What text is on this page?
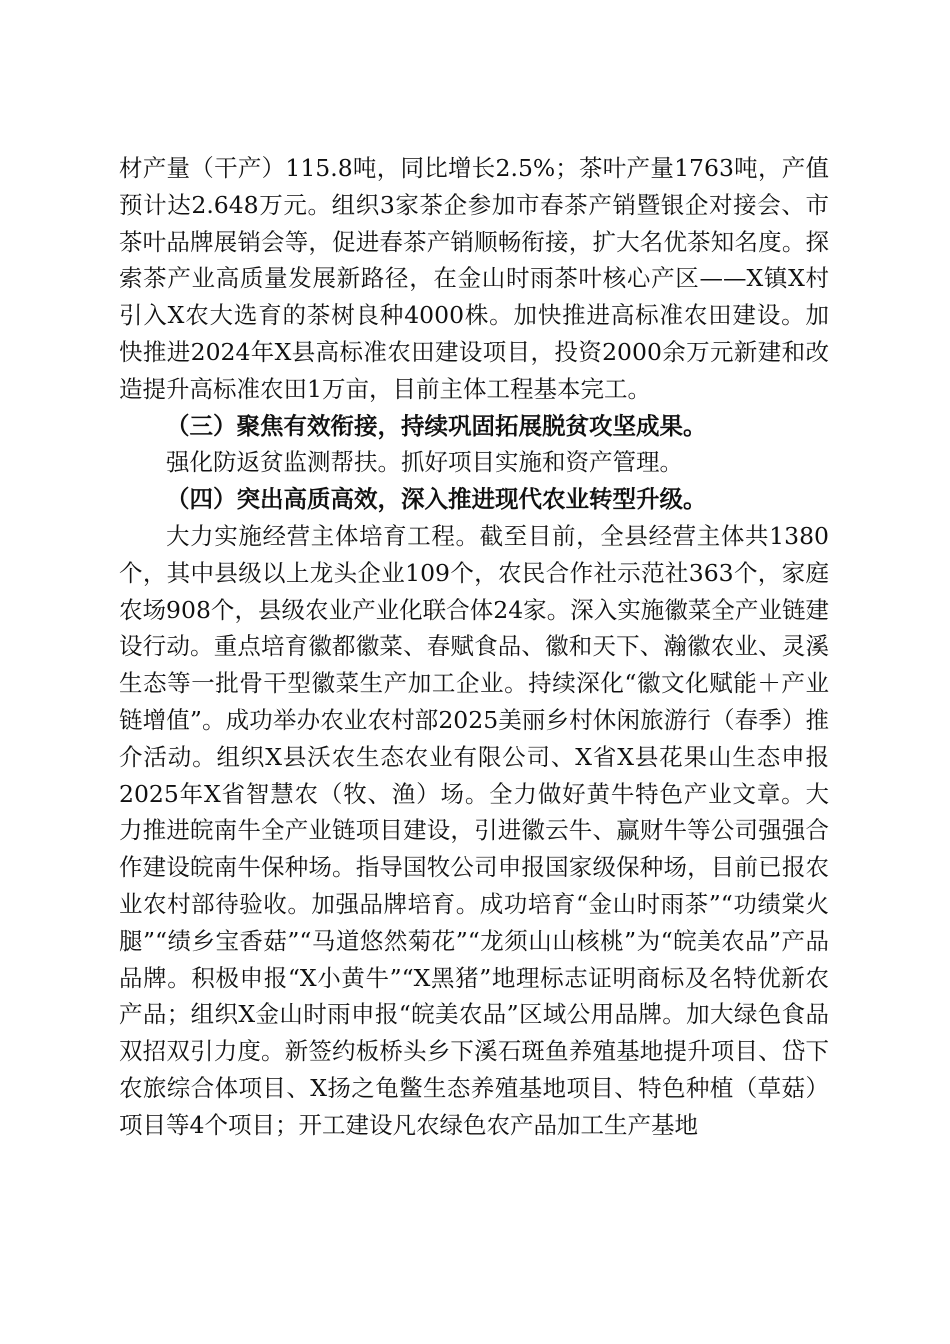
材产量（干产）115.8吨，同比增长2.5%；茶叶产量1763吨，产值预计达2.648万元。组织3家茶企参加市春茶产销暨银企对接会、市茶叶品牌展销会等，促进春茶产销顺畅衔接，扩大名优茶知名度。探索茶产业高质量发展新路径，在金山时雨茶叶核心产区——X镇X村引入X农大选育的茶树良种4000株。加快推进高标准农田建设。加快推进2024年X县高标准农田建设项目，投资2000余万元新建和改造提升高标准农田1万亩，目前主体工程基本完工。

（三）聚焦有效衔接，持续巩固拓展脱贫攻坚成果。

强化防返贫监测帮扶。抓好项目实施和资产管理。

（四）突出高质高效，深入推进现代农业转型升级。

大力实施经营主体培育工程。截至目前，全县经营主体共1380个，其中县级以上龙头企业109个，农民合作社示范社363个，家庭农场908个，县级农业产业化联合体24家。深入实施徽菜全产业链建设行动。重点培育徽都徽菜、春赋食品、徽和天下、瀚徽农业、灵溪生态等一批骨干型徽菜生产加工企业。持续深化“徽文化赋能＋产业链增值”。成功举办农业农村部2025美丽乡村休闲旅游行（春季）推介活动。组织X县沃农生态农业有限公司、X省X县花果山生态申报2025年X省智慧农（牧、渔）场。全力做好黄牛特色产业文章。大力推进皖南牛全产业链项目建设，引进徽云牛、赢财牛等公司强强合作建设皖南牛保种场。指导国牧公司申报国家级保种场，目前已报农业农村部待验收。加强品牌培育。成功培育“金山时雨茶”“功绩棠火腿”“绩乡宝香菇”“马道悠然菊花”“龙须山山核桃”为“皖美农品”产品品牌。积极申报“X小黄牛”“X黑猪”地理标志证明商标及名特优新农产品；组织X金山时雨申报“皖美农品”区域公用品牌。加大绿色食品双招双引力度。新签约板桥头乡下溪石斑鱼养殖基地提升项目、岱下农旅综合体项目、X扬之龟鳖生态养殖基地项目、特色种植（草菇）项目等4个项目；开工建设凡农绿色农产品加工生产基地
